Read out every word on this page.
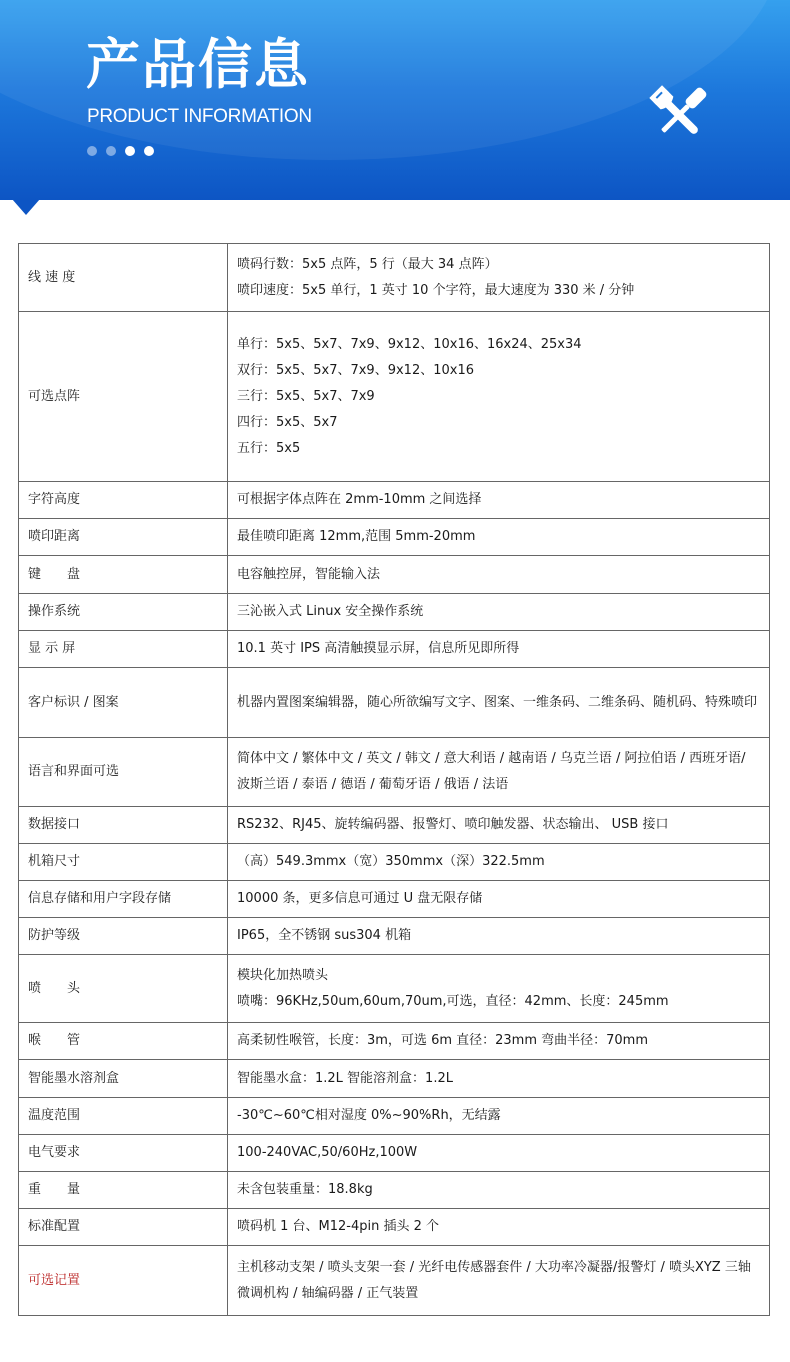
产品信息
PRODUCT INFORMATION
线 速 度	喷码行数：5x5 点阵，5 行（最大 34 点阵）
喷印速度：5x5 单行，1 英寸 10 个字符，最大速度为 330 米 / 分钟

可选点阵	单行：5x5、5x7、7x9、9x12、10x16、16x24、25x34
双行：5x5、5x7、7x9、9x12、10x16
三行：5x5、5x7、7x9
四行：5x5、5x7
五行：5x5

字符高度	可根据字体点阵在 2mm-10mm 之间选择

喷印距离	最佳喷印距离 12mm,范围 5mm-20mm

键　　盘	电容触控屏，智能输入法

操作系统	三沁嵌入式 Linux 安全操作系统

显 示 屏	10.1 英寸 IPS 高清触摸显示屏，信息所见即所得

客户标识 / 图案	机器内置图案编辑器，随心所欲编写文字、图案、一维条码、二维条码、随机码、特殊喷印

语言和界面可选	简体中文 / 繁体中文 / 英文 / 韩文 / 意大利语 / 越南语 / 乌克兰语 / 阿拉伯语 / 西班牙语/ 波斯兰语 / 泰语 / 德语 / 葡萄牙语 / 俄语 / 法语

数据接口	RS232、RJ45、旋转编码器、报警灯、喷印触发器、状态输出、 USB 接口

机箱尺寸	（高）549.3mmx（宽）350mmx（深）322.5mm

信息存储和用户字段存储	10000 条，更多信息可通过 U 盘无限存储

防护等级	IP65，全不锈钢 sus304 机箱

喷　　头	模块化加热喷头
喷嘴：96KHz,50um,60um,70um,可选，直径：42mm、长度：245mm

喉　　管	高柔韧性喉管，长度：3m，可选 6m 直径：23mm 弯曲半径：70mm

智能墨水溶剂盒	智能墨水盒：1.2L 智能溶剂盒：1.2L

温度范围	-30℃~60℃相对湿度 0%~90%Rh，无结露

电气要求	100-240VAC,50/60Hz,100W

重　　量	未含包装重量：18.8kg

标准配置	喷码机 1 台、M12-4pin 插头 2 个

可选记置	主机移动支架 / 喷头支架一套 / 光纤电传感器套件 / 大功率冷凝器/报警灯 / 喷头XYZ 三轴微调机构 / 轴编码器 / 正气装置
